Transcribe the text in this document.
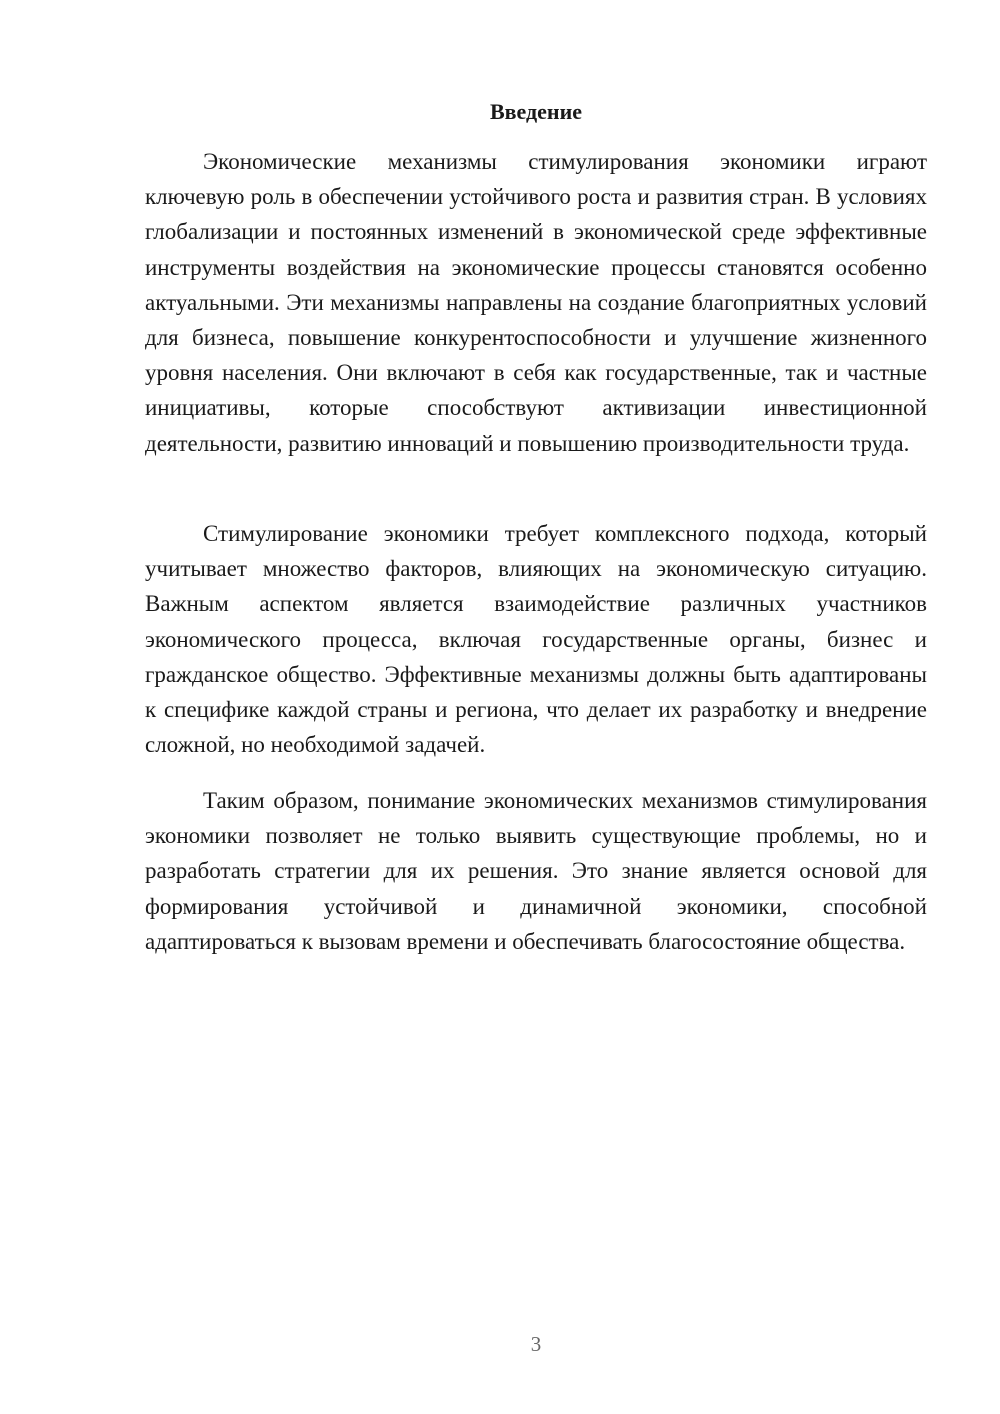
Введение

Экономические механизмы стимулирования экономики играют ключевую роль в обеспечении устойчивого роста и развития стран. В условиях глобализации и постоянных изменений в экономической среде эффективные инструменты воздействия на экономические процессы становятся особенно актуальными. Эти механизмы направлены на создание благоприятных условий для бизнеса, повышение конкурентоспособности и улучшение жизненного уровня населения. Они включают в себя как государственные, так и частные инициативы, которые способствуют активизации инвестиционной деятельности, развитию инноваций и повышению производительности труда.

Стимулирование экономики требует комплексного подхода, который учитывает множество факторов, влияющих на экономическую ситуацию. Важным аспектом является взаимодействие различных участников экономического процесса, включая государственные органы, бизнес и гражданское общество. Эффективные механизмы должны быть адаптированы к специфике каждой страны и региона, что делает их разработку и внедрение сложной, но необходимой задачей.

Таким образом, понимание экономических механизмов стимулирования экономики позволяет не только выявить существующие проблемы, но и разработать стратегии для их решения. Это знание является основой для формирования устойчивой и динамичной экономики, способной адаптироваться к вызовам времени и обеспечивать благосостояние общества.

3
